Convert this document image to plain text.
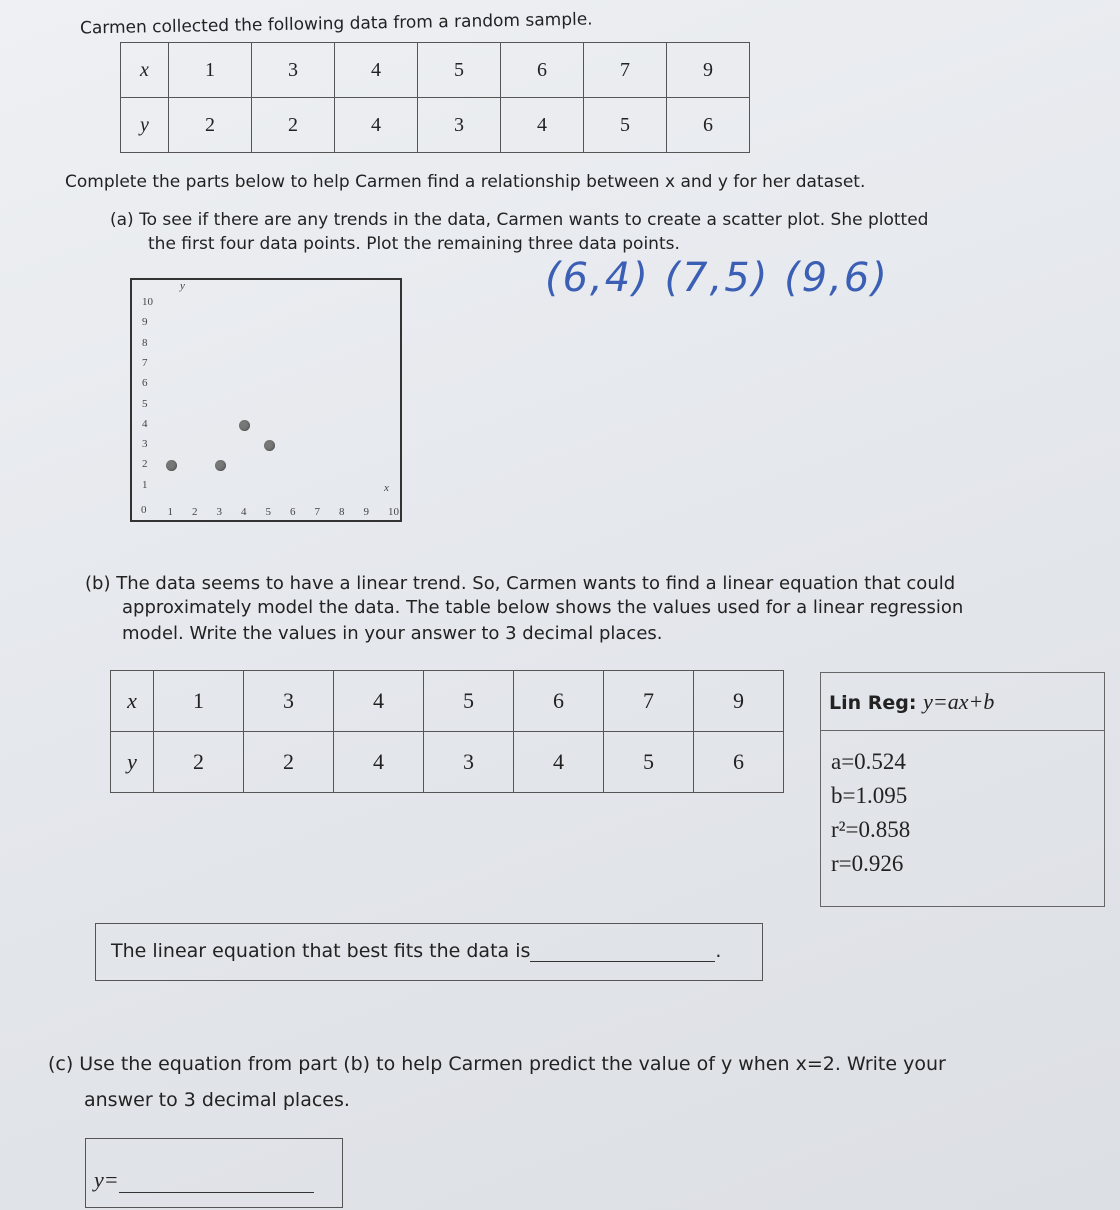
Carmen collected the following data from a random sample.
x	1	3	4	5	6	7	9
y	2	2	4	3	4	5	6
Complete the parts below to help Carmen find a relationship between x and y for her dataset.
(a) To see if there are any trends in the data, Carmen wants to create a scatter plot. She plotted
the first four data points. Plot the remaining three data points.
(6,4) (7,5) (9,6)
y
x
0
1
2
3
4
5
6
7
8
9
10
1 2 3 4 5 6 7 8 9 10
(b) The data seems to have a linear trend. So, Carmen wants to find a linear equation that could
approximately model the data. The table below shows the values used for a linear regression
model. Write the values in your answer to 3 decimal places.
x	1	3	4	5	6	7	9
y	2	2	4	3	4	5	6
Lin Reg: y=ax+b
a=0.524
b=1.095
r²=0.858
r=0.926
The linear equation that best fits the data is	.
(c) Use the equation from part (b) to help Carmen predict the value of y when x=2. Write your
answer to 3 decimal places.
y=
